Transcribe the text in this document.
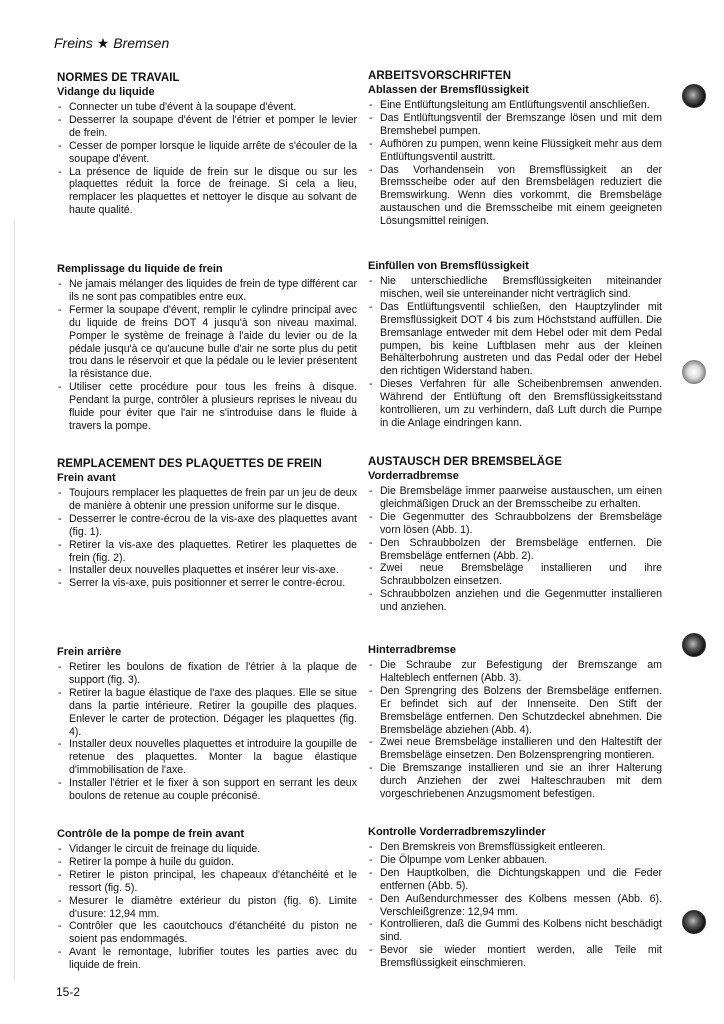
Freins ★ Bremsen
NORMES DE TRAVAIL
Vidange du liquide
- Connecter un tube d'évent à la soupape d'évent.
- Desserrer la soupape d'évent de l'étrier et pomper le levier de frein.
- Cesser de pomper lorsque le liquide arrête de s'écouler de la soupape d'évent.
- La présence de liquide de frein sur le disque ou sur les plaquettes réduit la force de freinage. Si cela a lieu, remplacer les plaquettes et nettoyer le disque au solvant de haute qualité.
Remplissage du liquide de frein
- Ne jamais mélanger des liquides de frein de type différent car ils ne sont pas compatibles entre eux.
- Fermer la soupape d'évent, remplir le cylindre principal avec du liquide de freins DOT 4 jusqu'à son niveau maximal. Pomper le système de freinage à l'aide du levier ou de la pédale jusqu'à ce qu'aucune bulle d'air ne sorte plus du petit trou dans le réservoir et que la pédale ou le levier présentent la résistance due.
- Utiliser cette procédure pour tous les freins à disque. Pendant la purge, contrôler à plusieurs reprises le niveau du fluide pour éviter que l'air ne s'introduise dans le fluide à travers la pompe.
REMPLACEMENT DES PLAQUETTES DE FREIN
Frein avant
- Toujours remplacer les plaquettes de frein par un jeu de deux de manière à obtenir une pression uniforme sur le disque.
- Desserrer le contre-écrou de la vis-axe des plaquettes avant (fig. 1).
- Retirer la vis-axe des plaquettes. Retirer les plaquettes de frein (fig. 2).
- Installer deux nouvelles plaquettes et insérer leur vis-axe.
- Serrer la vis-axe, puis positionner et serrer le contre-écrou.
Frein arrière
- Retirer les boulons de fixation de l'étrier à la plaque de support (fig. 3).
- Retirer la bague élastique de l'axe des plaques. Elle se situe dans la partie intérieure. Retirer la goupille des plaques. Enlever le carter de protection. Dégager les plaquettes (fig. 4).
- Installer deux nouvelles plaquettes et introduire la goupille de retenue des plaquettes. Monter la bague élastique d'immobilisation de l'axe.
- Installer l'étrier et le fixer à son support en serrant les deux boulons de retenue au couple préconisé.
Contrôle de la pompe de frein avant
- Vidanger le circuit de freinage du liquide.
- Retirer la pompe à huile du guidon.
- Retirer le piston principal, les chapeaux d'étanchéité et le ressort (fig. 5).
- Mesurer le diamètre extérieur du piston (fig. 6). Limite d'usure: 12,94 mm.
- Contrôler que les caoutchoucs d'étanchéité du piston ne soient pas endommagés.
- Avant le remontage, lubrifier toutes les parties avec du liquide de frein.
ARBEITSVORSCHRIFTEN
Ablassen der Bremsflüssigkeit
- Eine Entlüftungsleitung am Entlüftungsventil anschließen.
- Das Entlüftungsventil der Bremszange lösen und mit dem Bremshebel pumpen.
- Aufhören zu pumpen, wenn keine Flüssigkeit mehr aus dem Entlüftungsventil austritt.
- Das Vorhandensein von Bremsflüssigkeit an der Bremsscheibe oder auf den Bremsbelägen reduziert die Bremswirkung. Wenn dies vorkommt, die Bremsbeläge austauschen und die Bremsscheibe mit einem geeigneten Lösungsmittel reinigen.
Einfüllen von Bremsflüssigkeit
- Nie unterschiedliche Bremsflüssigkeiten miteinander mischen, weil sie untereinander nicht verträglich sind.
- Das Entlüftungsventil schließen, den Hauptzylinder mit Bremsflüssigkeit DOT 4 bis zum Höchststand auffüllen. Die Bremsanlage entweder mit dem Hebel oder mit dem Pedal pumpen, bis keine Luftblasen mehr aus der kleinen Behälterbohrung austreten und das Pedal oder der Hebel den richtigen Widerstand haben.
- Dieses Verfahren für alle Scheibenbremsen anwenden. Während der Entlüftung oft den Bremsflüssigkeitsstand kontrollieren, um zu verhindern, daß Luft durch die Pumpe in die Anlage eindringen kann.
AUSTAUSCH DER BREMSBELÄGE
Vorderradbremse
- Die Bremsbeläge immer paarweise austauschen, um einen gleichmäßigen Druck an der Bremsscheibe zu erhalten.
- Die Gegenmutter des Schraubbolzens der Bremsbeläge vorn lösen (Abb. 1).
- Den Schraubbolzen der Bremsbeläge entfernen. Die Bremsbeläge entfernen (Abb. 2).
- Zwei neue Bremsbeläge installieren und ihre Schraubbolzen einsetzen.
- Schraubbolzen anziehen und die Gegenmutter installieren und anziehen.
Hinterradbremse
- Die Schraube zur Befestigung der Bremszange am Halteblech entfernen (Abb. 3).
- Den Sprengring des Bolzens der Bremsbeläge entfernen. Er befindet sich auf der Innenseite. Den Stift der Bremsbeläge entfernen. Den Schutzdeckel abnehmen. Die Bremsbeläge abziehen (Abb. 4).
- Zwei neue Bremsbeläge installieren und den Haltestift der Bremsbeläge einsetzen. Den Bolzensprengring montieren.
- Die Bremszange installieren und sie an ihrer Halterung durch Anziehen der zwei Halteschrauben mit dem vorgeschriebenen Anzugsmoment befestigen.
Kontrolle Vorderradbremszylinder
- Den Bremskreis von Bremsflüssigkeit entleeren.
- Die Ölpumpe vom Lenker abbauen.
- Den Hauptkolben, die Dichtungskappen und die Feder entfernen (Abb. 5).
- Den Außendurchmesser des Kolbens messen (Abb. 6). Verschleißgrenze: 12,94 mm.
- Kontrollieren, daß die Gummi des Kolbens nicht beschädigt sind.
- Bevor sie wieder montiert werden, alle Teile mit Bremsflüssigkeit einschmieren.
15-2
